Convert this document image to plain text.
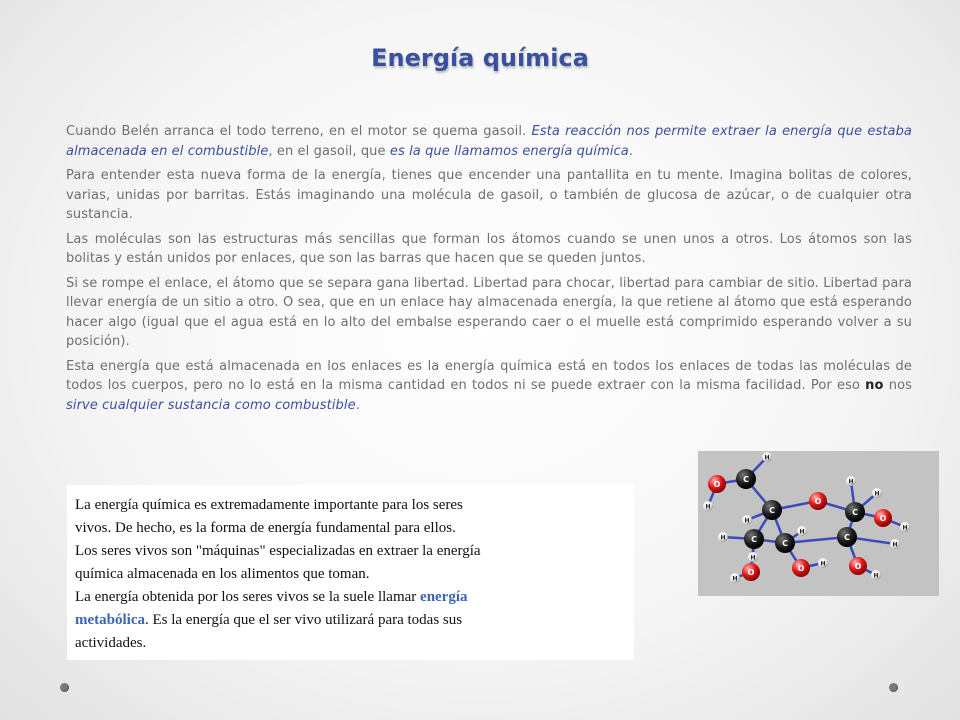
Energía química

Cuando Belén arranca el todo terreno, en el motor se quema gasoil. Esta reacción nos permite extraer la energía que estaba almacenada en el combustible, en el gasoil, que es la que llamamos energía química.

Para entender esta nueva forma de la energía, tienes que encender una pantallita en tu mente. Imagina bolitas de colores, varias, unidas por barritas. Estás imaginando una molécula de gasoil, o también de glucosa de azúcar, o de cualquier otra sustancia.

Las moléculas son las estructuras más sencillas que forman los átomos cuando se unen unos a otros. Los átomos son las bolitas y están unidos por enlaces, que son las barras que hacen que se queden juntos.

Si se rompe el enlace, el átomo que se separa gana libertad. Libertad para chocar, libertad para cambiar de sitio. Libertad para llevar energía de un sitio a otro. O sea, que en un enlace hay almacenada energía, la que retiene al átomo que está esperando hacer algo (igual que el agua está en lo alto del embalse esperando caer o el muelle está comprimido esperando volver a su posición).

Esta energía que está almacenada en los enlaces es la energía química está en todos los enlaces de todas las moléculas de todos los cuerpos, pero no lo está en la misma cantidad en todos ni se puede extraer con la misma facilidad. Por eso no nos sirve cualquier sustancia como combustible.

La energía química es extremadamente importante para los seres
vivos. De hecho, es la forma de energía fundamental para ellos.
Los seres vivos son "máquinas" especializadas en extraer la energía
química almacenada en los alimentos que toman.
La energía obtenida por los seres vivos se la suele llamar energía
metabólica. Es la energía que el ser vivo utilizará para todas sus
actividades.
C
C
C	C
C
C
O
O
O
O	O	O
H
H
H
H
H
H
H
H
H
H
H
H
H
